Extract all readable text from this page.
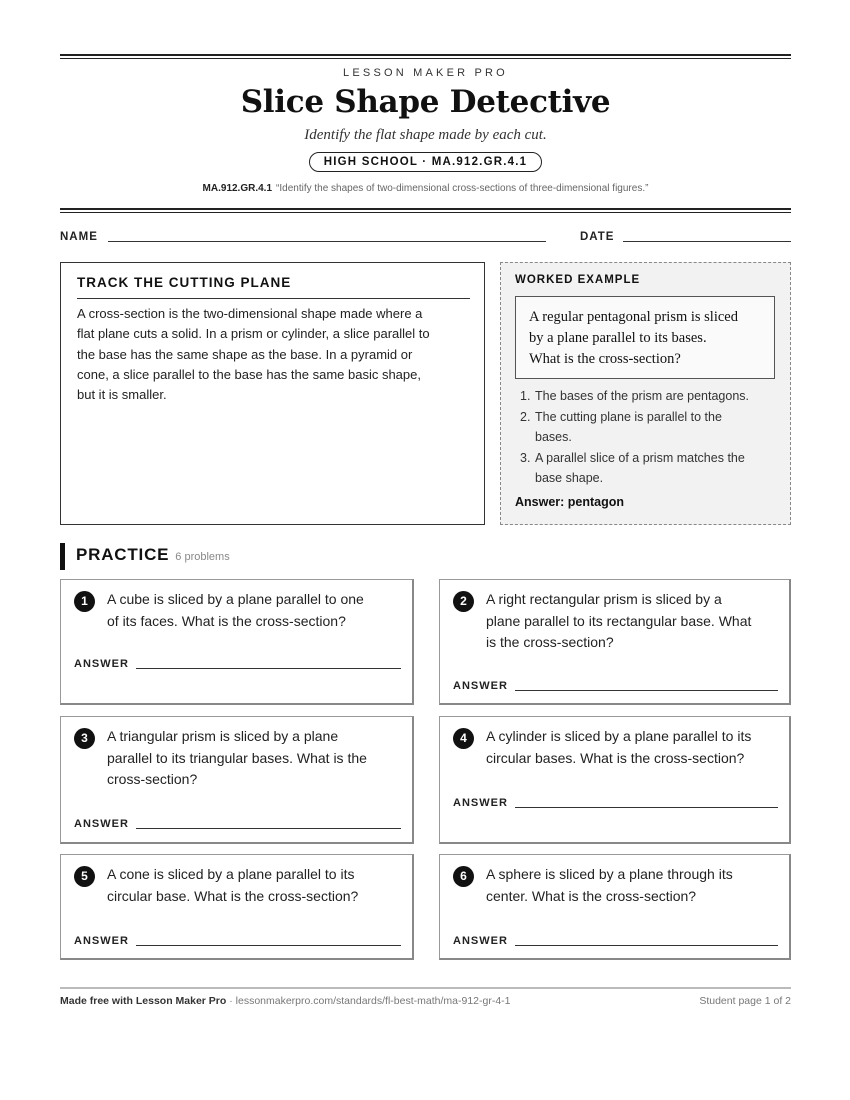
LESSON MAKER PRO
Slice Shape Detective
Identify the flat shape made by each cut.
HIGH SCHOOL · MA.912.GR.4.1
MA.912.GR.4.1 “Identify the shapes of two-dimensional cross-sections of three-dimensional figures.”
NAME	DATE
TRACK THE CUTTING PLANE
A cross-section is the two-dimensional shape made where a
flat plane cuts a solid. In a prism or cylinder, a slice parallel to
the base has the same shape as the base. In a pyramid or
cone, a slice parallel to the base has the same basic shape,
but it is smaller.
WORKED EXAMPLE
A regular pentagonal prism is sliced
by a plane parallel to its bases.
What is the cross-section?
1. The bases of the prism are pentagons.
2. The cutting plane is parallel to the
bases.
3. A parallel slice of a prism matches the
base shape.
Answer: pentagon
PRACTICE 6 problems
1	A cube is sliced by a plane parallel to one
of its faces. What is the cross-section?
ANSWER
2	A right rectangular prism is sliced by a
plane parallel to its rectangular base. What
is the cross-section?
ANSWER
3	A triangular prism is sliced by a plane
parallel to its triangular bases. What is the
cross-section?
ANSWER
4	A cylinder is sliced by a plane parallel to its
circular bases. What is the cross-section?
ANSWER
5	A cone is sliced by a plane parallel to its
circular base. What is the cross-section?
ANSWER
6	A sphere is sliced by a plane through its
center. What is the cross-section?
ANSWER
Made free with Lesson Maker Pro · lessonmakerpro.com/standards/fl-best-math/ma-912-gr-4-1	Student page 1 of 2
